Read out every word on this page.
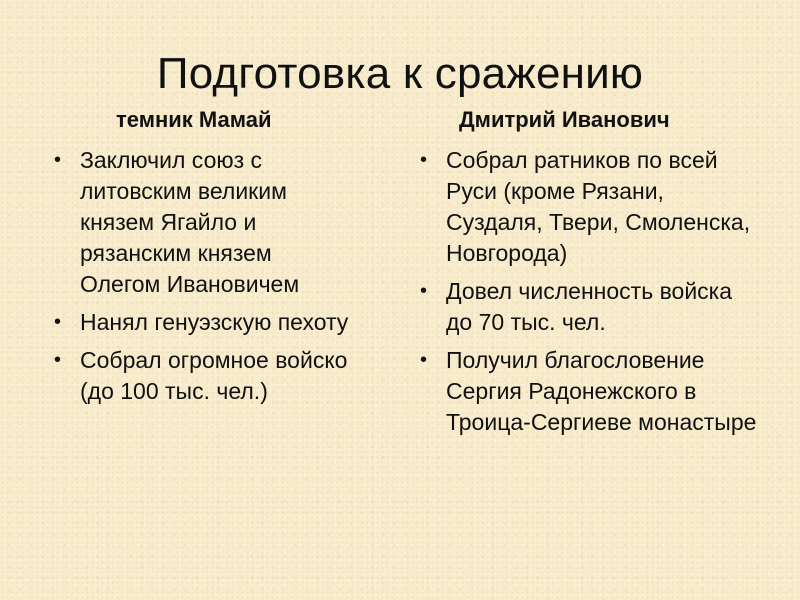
Подготовка к сражению
темник Мамай	Дмитрий Иванович
• Заключил союз с литовским великим князем Ягайло и рязанским князем Олегом Ивановичем
• Нанял генуэзскую пехоту
• Собрал огромное войско (до 100 тыс. чел.)
• Собрал ратников по всей Руси (кроме Рязани, Суздаля, Твери, Смоленска, Новгорода)
• Довел численность войска до 70 тыс. чел.
• Получил благословение Сергия Радонежского в Троица-Сергиеве монастыре
